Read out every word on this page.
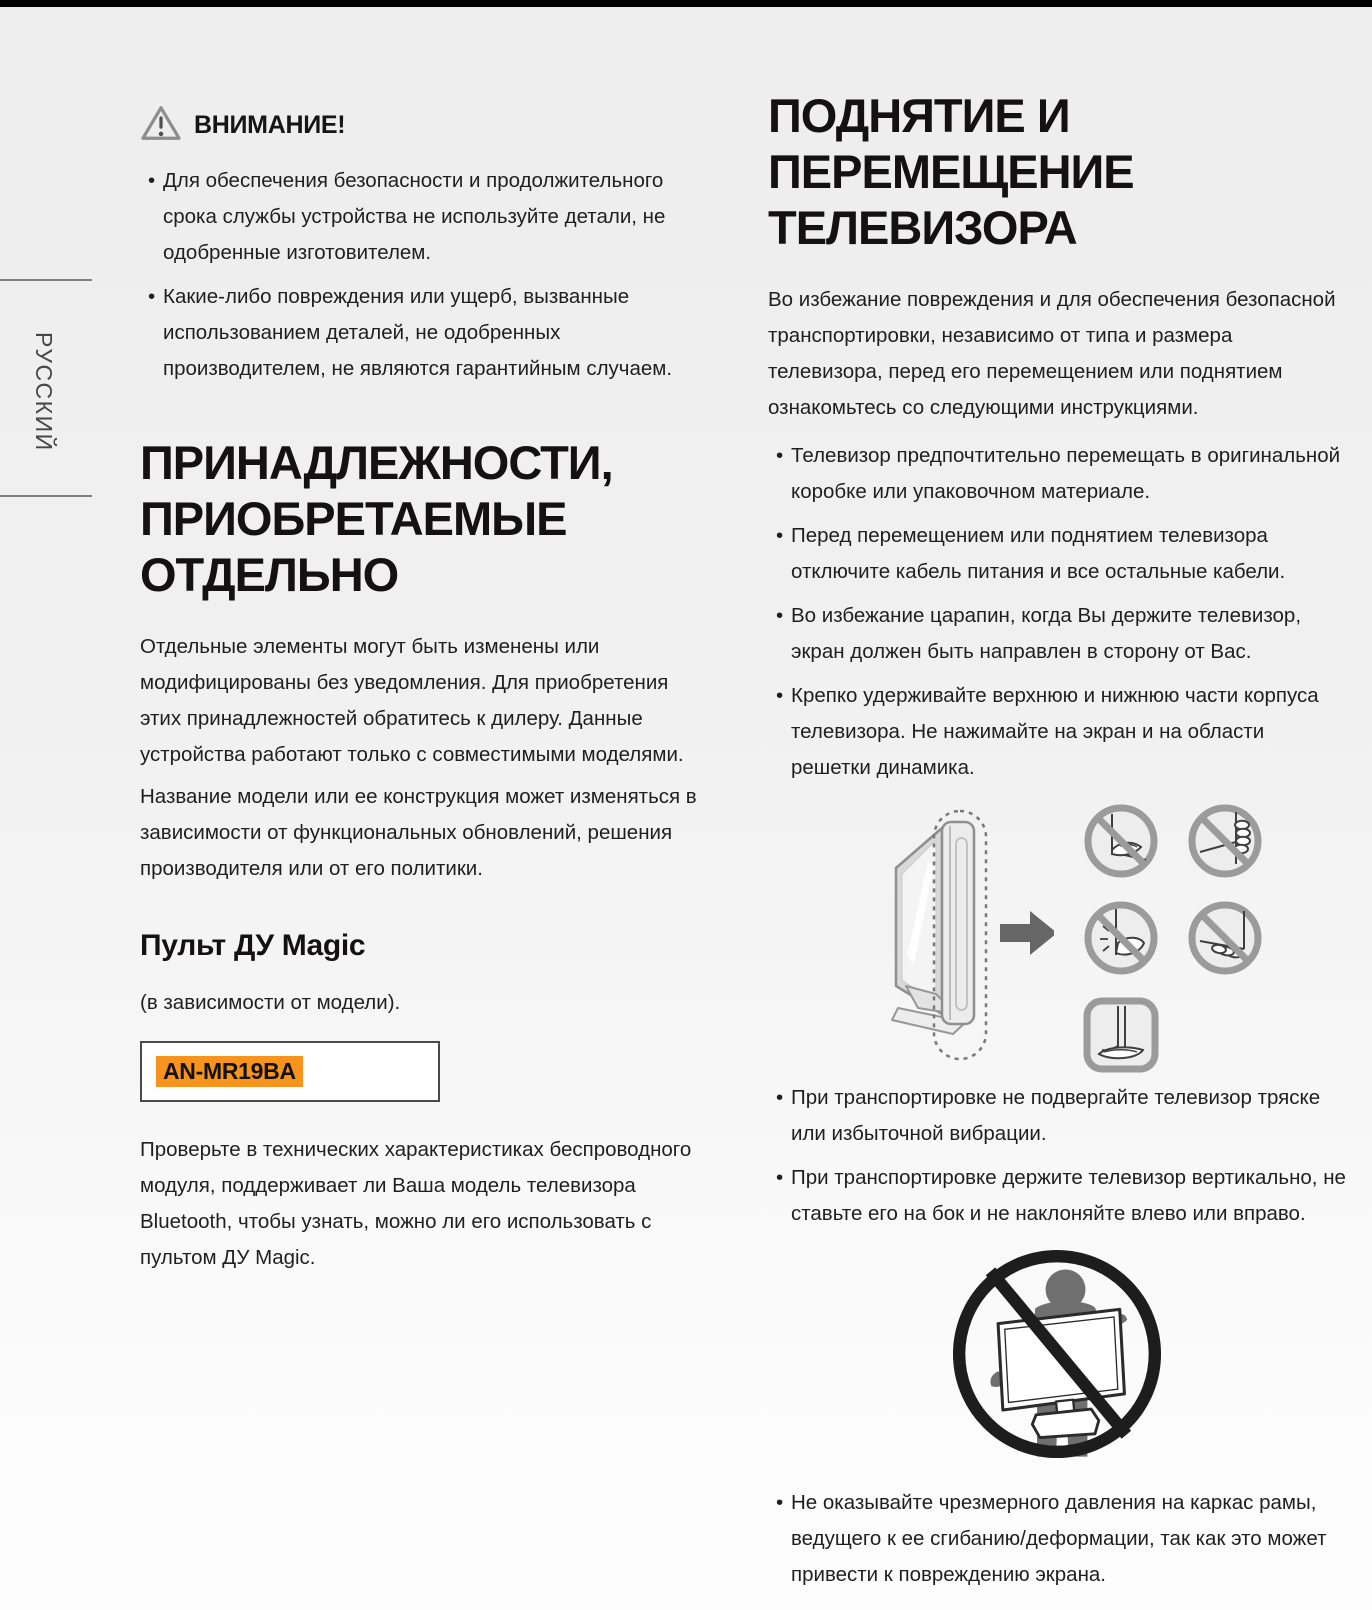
РУССКИЙ
ВНИМАНИЕ!
• Для обеспечения безопасности и продолжительного срока службы устройства не используйте детали, не одобренные изготовителем.
• Какие-либо повреждения или ущерб, вызванные использованием деталей, не одобренных производителем, не являются гарантийным случаем.
ПРИНАДЛЕЖНОСТИ, ПРИОБРЕТАЕМЫЕ ОТДЕЛЬНО

Отдельные элементы могут быть изменены или модифицированы без уведомления. Для приобретения этих принадлежностей обратитесь к дилеру. Данные устройства работают только с совместимыми моделями.

Название модели или ее конструкция может изменяться в зависимости от функциональных обновлений, решения производителя или от его политики.

Пульт ДУ Magic

(в зависимости от модели).

AN-MR19BA

Проверьте в технических характеристиках беспроводного модуля, поддерживает ли Ваша модель телевизора Bluetooth, чтобы узнать, можно ли его использовать с пультом ДУ Magic.

ПОДНЯТИЕ И ПЕРЕМЕЩЕНИЕ ТЕЛЕВИЗОРА

Во избежание повреждения и для обеспечения безопасной транспортировки, независимо от типа и размера телевизора, перед его перемещением или поднятием ознакомьтесь со следующими инструкциями.

• Телевизор предпочтительно перемещать в оригинальной коробке или упаковочном материале.
• Перед перемещением или поднятием телевизора отключите кабель питания и все остальные кабели.
• Во избежание царапин, когда Вы держите телевизор, экран должен быть направлен в сторону от Вас.
• Крепко удерживайте верхнюю и нижнюю части корпуса телевизора. Не нажимайте на экран и на области решетки динамика.
• При транспортировке не подвергайте телевизор тряске или избыточной вибрации.
• При транспортировке держите телевизор вертикально, не ставьте его на бок и не наклоняйте влево или вправо.
• Не оказывайте чрезмерного давления на каркас рамы, ведущего к ее сгибанию/деформации, так как это может привести к повреждению экрана.
